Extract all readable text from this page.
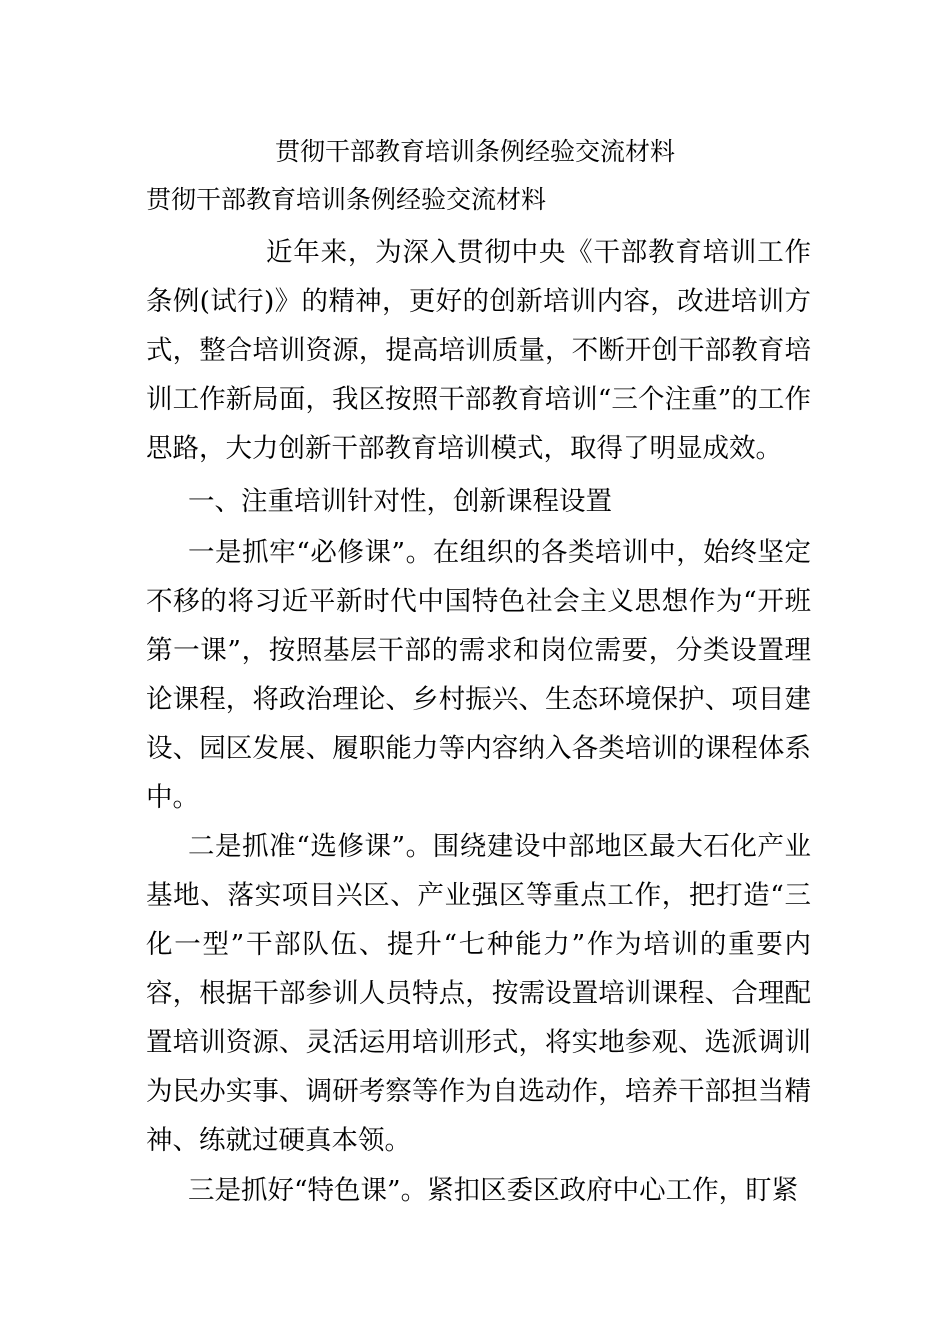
贯彻干部教育培训条例经验交流材料
贯彻干部教育培训条例经验交流材料

近年来，为深入贯彻中央《干部教育培训工作条例(试行)》的精神，更好的创新培训内容，改进培训方式，整合培训资源，提高培训质量，不断开创干部教育培训工作新局面，我区按照干部教育培训“三个注重”的工作思路，大力创新干部教育培训模式，取得了明显成效。

一、注重培训针对性，创新课程设置

一是抓牢“必修课”。在组织的各类培训中，始终坚定不移的将习近平新时代中国特色社会主义思想作为“开班第一课”，按照基层干部的需求和岗位需要，分类设置理论课程，将政治理论、乡村振兴、生态环境保护、项目建设、园区发展、履职能力等内容纳入各类培训的课程体系中。

二是抓准“选修课”。围绕建设中部地区最大石化产业基地、落实项目兴区、产业强区等重点工作，把打造“三化一型”干部队伍、提升“七种能力”作为培训的重要内容，根据干部参训人员特点，按需设置培训课程、合理配置培训资源、灵活运用培训形式，将实地参观、选派调训为民办实事、调研考察等作为自选动作，培养干部担当精神、练就过硬真本领。

三是抓好“特色课”。紧扣区委区政府中心工作，盯紧
